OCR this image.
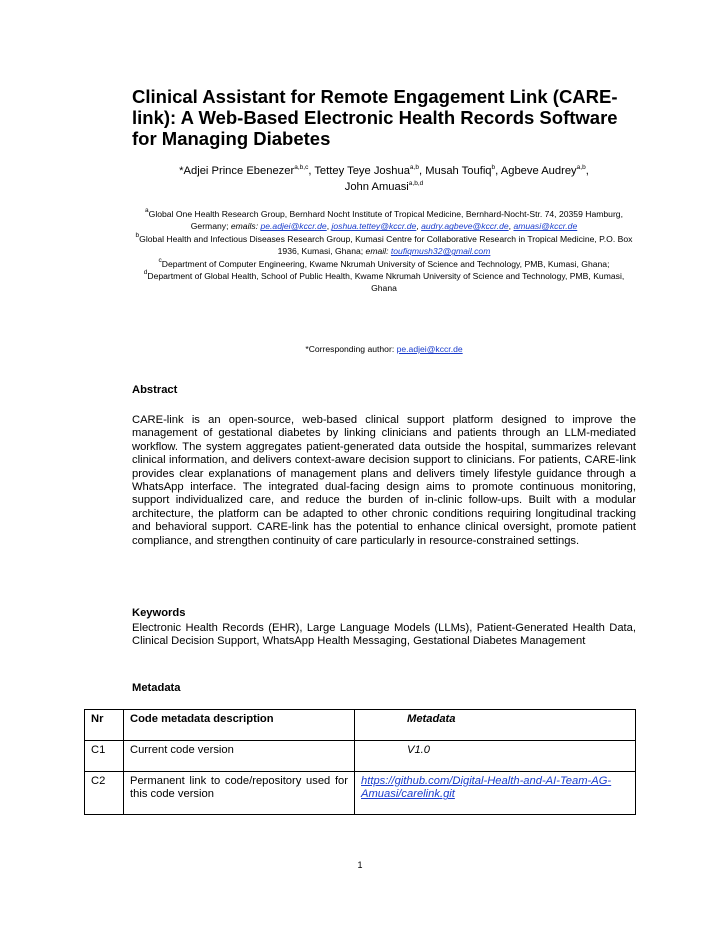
Clinical Assistant for Remote Engagement Link (CARE-link): A Web-Based Electronic Health Records Software for Managing Diabetes
*Adjei Prince Ebenezer$^{a,b,c}$, Tettey Teye Joshua$^{a,b}$, Musah Toufiq$^b$, Agbeve Audrey$^{a,b}$,
John Amuasi$^{a,b,d}$

$^a$Global One Health Research Group, Bernhard Nocht Institute of Tropical Medicine, Bernhard-Nocht-Str. 74, 20359 Hamburg, Germany; emails: pe.adjei@kccr.de, joshua.tettey@kccr.de, audry.agbeve@kccr.de, amuasi@kccr.de

$^b$Global Health and Infectious Diseases Research Group, Kumasi Centre for Collaborative Research in Tropical Medicine, P.O. Box 1936, Kumasi, Ghana; email: toufiqmush32@gmail.com

$^c$Department of Computer Engineering, Kwame Nkrumah University of Science and Technology, PMB, Kumasi, Ghana;

$^d$Department of Global Health, School of Public Health, Kwame Nkrumah University of Science and Technology, PMB, Kumasi, Ghana

*Corresponding author: pe.adjei@kccr.de
Abstract

CARE-link is an open-source, web-based clinical support platform designed to improve the management of gestational diabetes by linking clinicians and patients through an LLM-mediated workflow. The system aggregates patient-generated data outside the hospital, summarizes relevant clinical information, and delivers context-aware decision support to clinicians. For patients, CARE-link provides clear explanations of management plans and delivers timely lifestyle guidance through a WhatsApp interface. The integrated dual-facing design aims to promote continuous monitoring, support individualized care, and reduce the burden of in-clinic follow-ups. Built with a modular architecture, the platform can be adapted to other chronic conditions requiring longitudinal tracking and behavioral support. CARE-link has the potential to enhance clinical oversight, promote patient compliance, and strengthen continuity of care particularly in resource-constrained settings.

Keywords

Electronic Health Records (EHR), Large Language Models (LLMs), Patient-Generated Health Data, Clinical Decision Support, WhatsApp Health Messaging, Gestational Diabetes Management

Metadata
Nr	Code metadata description	Metadata
C1	Current code version	V1.0
C2	Permanent link to code/repository used for this code version	https://github.com/Digital-Health-and-AI-Team-AG-Amuasi/carelink.git
1
